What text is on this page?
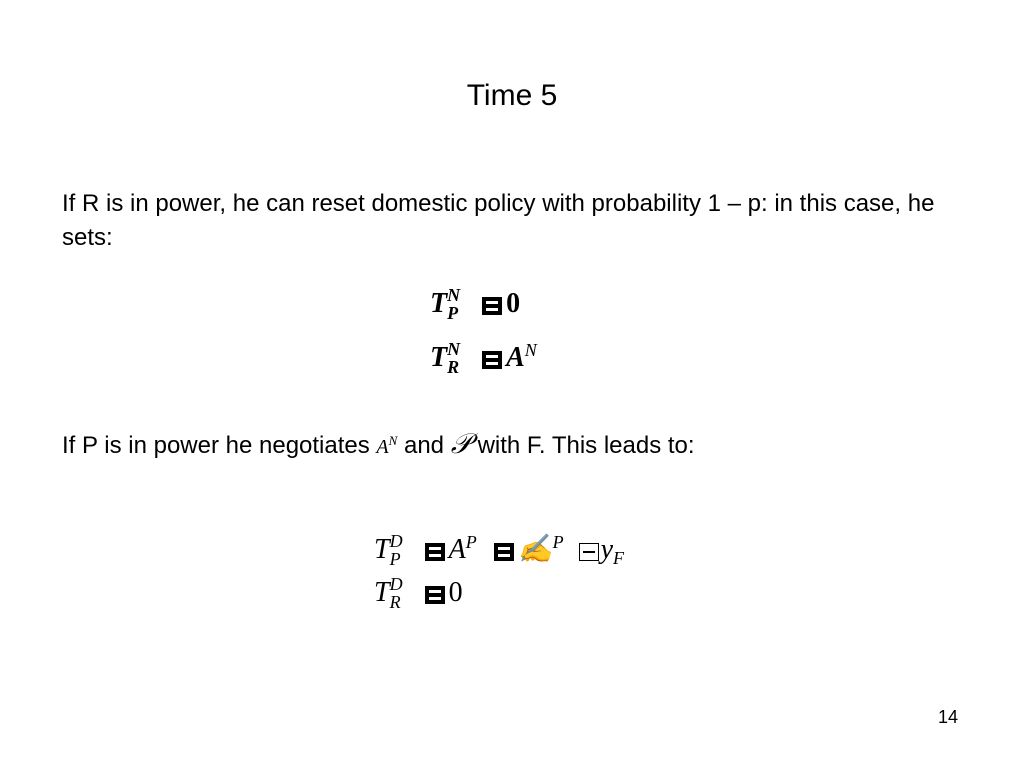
Time 5
If R is in power, he can reset domestic policy with probability 1 – p: in this case, he sets:
T N
P 0
T N
R $A^N$
If P is in power he negotiates $A^N$ and 𝒫 with F. This leads to:
T D
P $A^P$ ✍$^P$ $y_F$
T D
R 0
14
